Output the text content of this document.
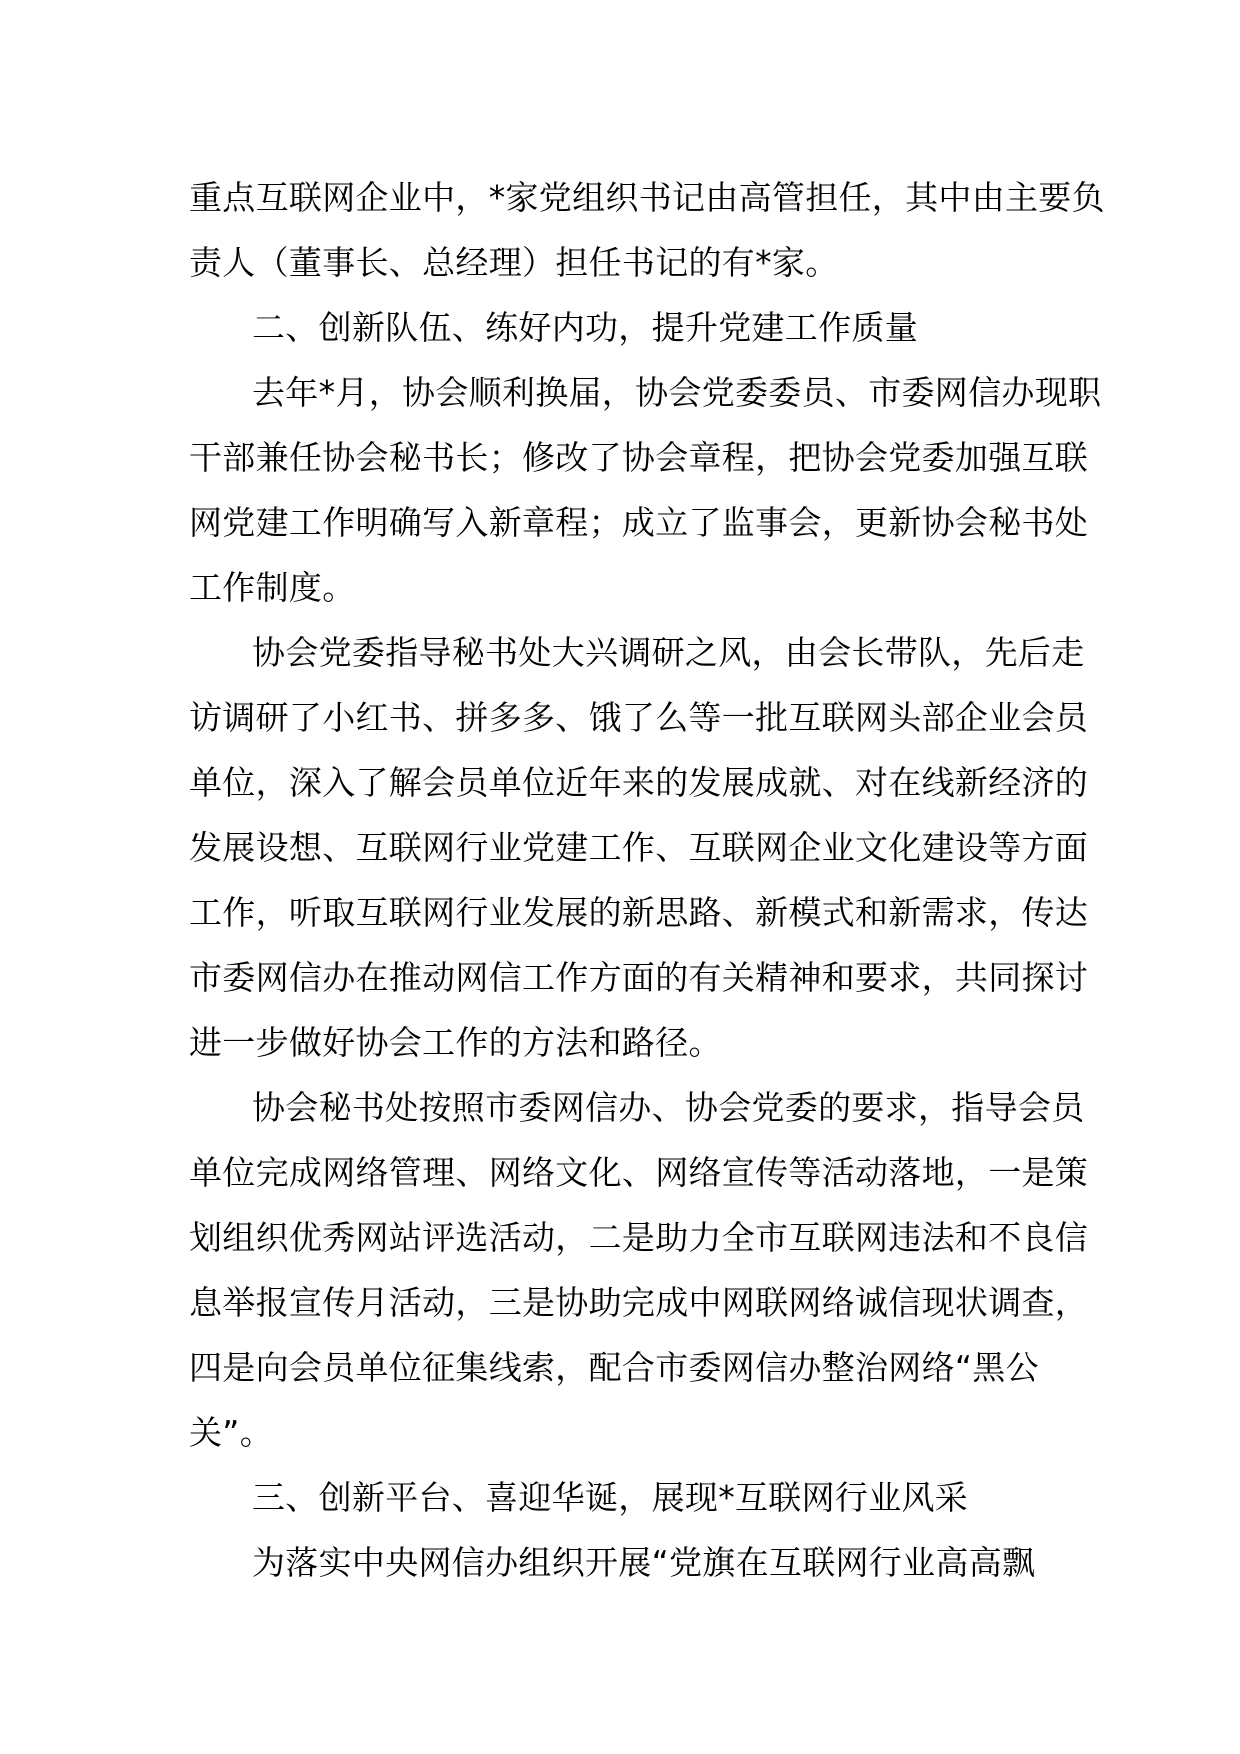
重点互联网企业中，*家党组织书记由高管担任，其中由主要负
责人（董事长、总经理）担任书记的有*家。
二、创新队伍、练好内功，提升党建工作质量
去年*月，协会顺利换届，协会党委委员、市委网信办现职
干部兼任协会秘书长；修改了协会章程，把协会党委加强互联
网党建工作明确写入新章程；成立了监事会，更新协会秘书处
工作制度。
协会党委指导秘书处大兴调研之风，由会长带队，先后走
访调研了小红书、拼多多、饿了么等一批互联网头部企业会员
单位，深入了解会员单位近年来的发展成就、对在线新经济的
发展设想、互联网行业党建工作、互联网企业文化建设等方面
工作，听取互联网行业发展的新思路、新模式和新需求，传达
市委网信办在推动网信工作方面的有关精神和要求，共同探讨
进一步做好协会工作的方法和路径。
协会秘书处按照市委网信办、协会党委的要求，指导会员
单位完成网络管理、网络文化、网络宣传等活动落地，一是策
划组织优秀网站评选活动，二是助力全市互联网违法和不良信
息举报宣传月活动，三是协助完成中网联网络诚信现状调查，
四是向会员单位征集线索，配合市委网信办整治网络“黑公
关”。
三、创新平台、喜迎华诞，展现*互联网行业风采
为落实中央网信办组织开展“党旗在互联网行业高高飘
